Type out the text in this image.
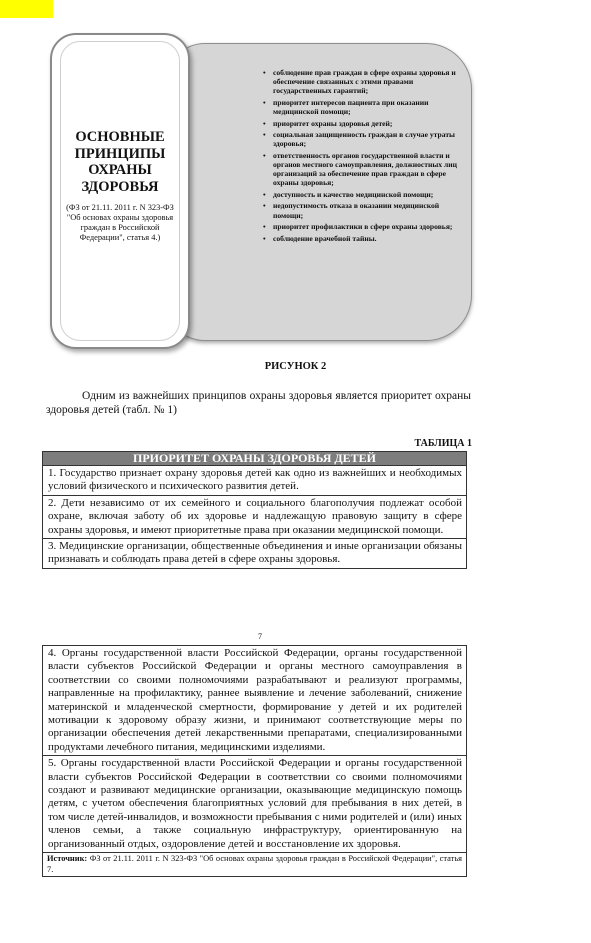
• соблюдение прав граждан в сфере охраны здоровья и обеспечение связанных с этими правами государственных гарантий;
• приоритет интересов пациента при оказании медицинской помощи;
• приоритет охраны здоровья детей;
• социальная защищенность граждан в случае утраты здоровья;
• ответственность органов государственной власти и органов местного самоуправления, должностных лиц организаций за обеспечение прав граждан в сфере охраны здоровья;
• доступность и качество медицинской помощи;
• недопустимость отказа в оказании медицинской помощи;
• приоритет профилактики в сфере охраны здоровья;
• соблюдение врачебной тайны.
ОСНОВНЫЕ ПРИНЦИПЫ ОХРАНЫ ЗДОРОВЬЯ
(ФЗ от 21.11. 2011 г. N 323-ФЗ "Об основах охраны здоровья граждан в Российской Федерации", статья 4.)
РИСУНОК 2

Одним из важнейших принципов охраны здоровья является приоритет охраны здоровья детей (табл. № 1)

ТАБЛИЦА 1
ПРИОРИТЕТ ОХРАНЫ ЗДОРОВЬЯ ДЕТЕЙ
1. Государство признает охрану здоровья детей как одно из важнейших и необходимых условий физического и психического развития детей.
2. Дети независимо от их семейного и социального благополучия подлежат особой охране, включая заботу об их здоровье и надлежащую правовую защиту в сфере охраны здоровья, и имеют приоритетные права при оказании медицинской помощи.
3. Медицинские организации, общественные объединения и иные организации обязаны признавать и соблюдать права детей в сфере охраны здоровья.
7
4. Органы государственной власти Российской Федерации, органы государственной власти субъектов Российской Федерации и органы местного самоуправления в соответствии со своими полномочиями разрабатывают и реализуют программы, направленные на профилактику, раннее выявление и лечение заболеваний, снижение материнской и младенческой смертности, формирование у детей и их родителей мотивации к здоровому образу жизни, и принимают соответствующие меры по организации обеспечения детей лекарственными препаратами, специализированными продуктами лечебного питания, медицинскими изделиями.
5. Органы государственной власти Российской Федерации и органы государственной власти субъектов Российской Федерации в соответствии со своими полномочиями создают и развивают медицинские организации, оказывающие медицинскую помощь детям, с учетом обеспечения благоприятных условий для пребывания в них детей, в том числе детей-инвалидов, и возможности пребывания с ними родителей и (или) иных членов семьи, а также социальную инфраструктуру, ориентированную на организованный отдых, оздоровление детей и восстановление их здоровья.
Источник: ФЗ от 21.11. 2011 г. N 323-ФЗ "Об основах охраны здоровья граждан в Российской Федерации", статья 7.
